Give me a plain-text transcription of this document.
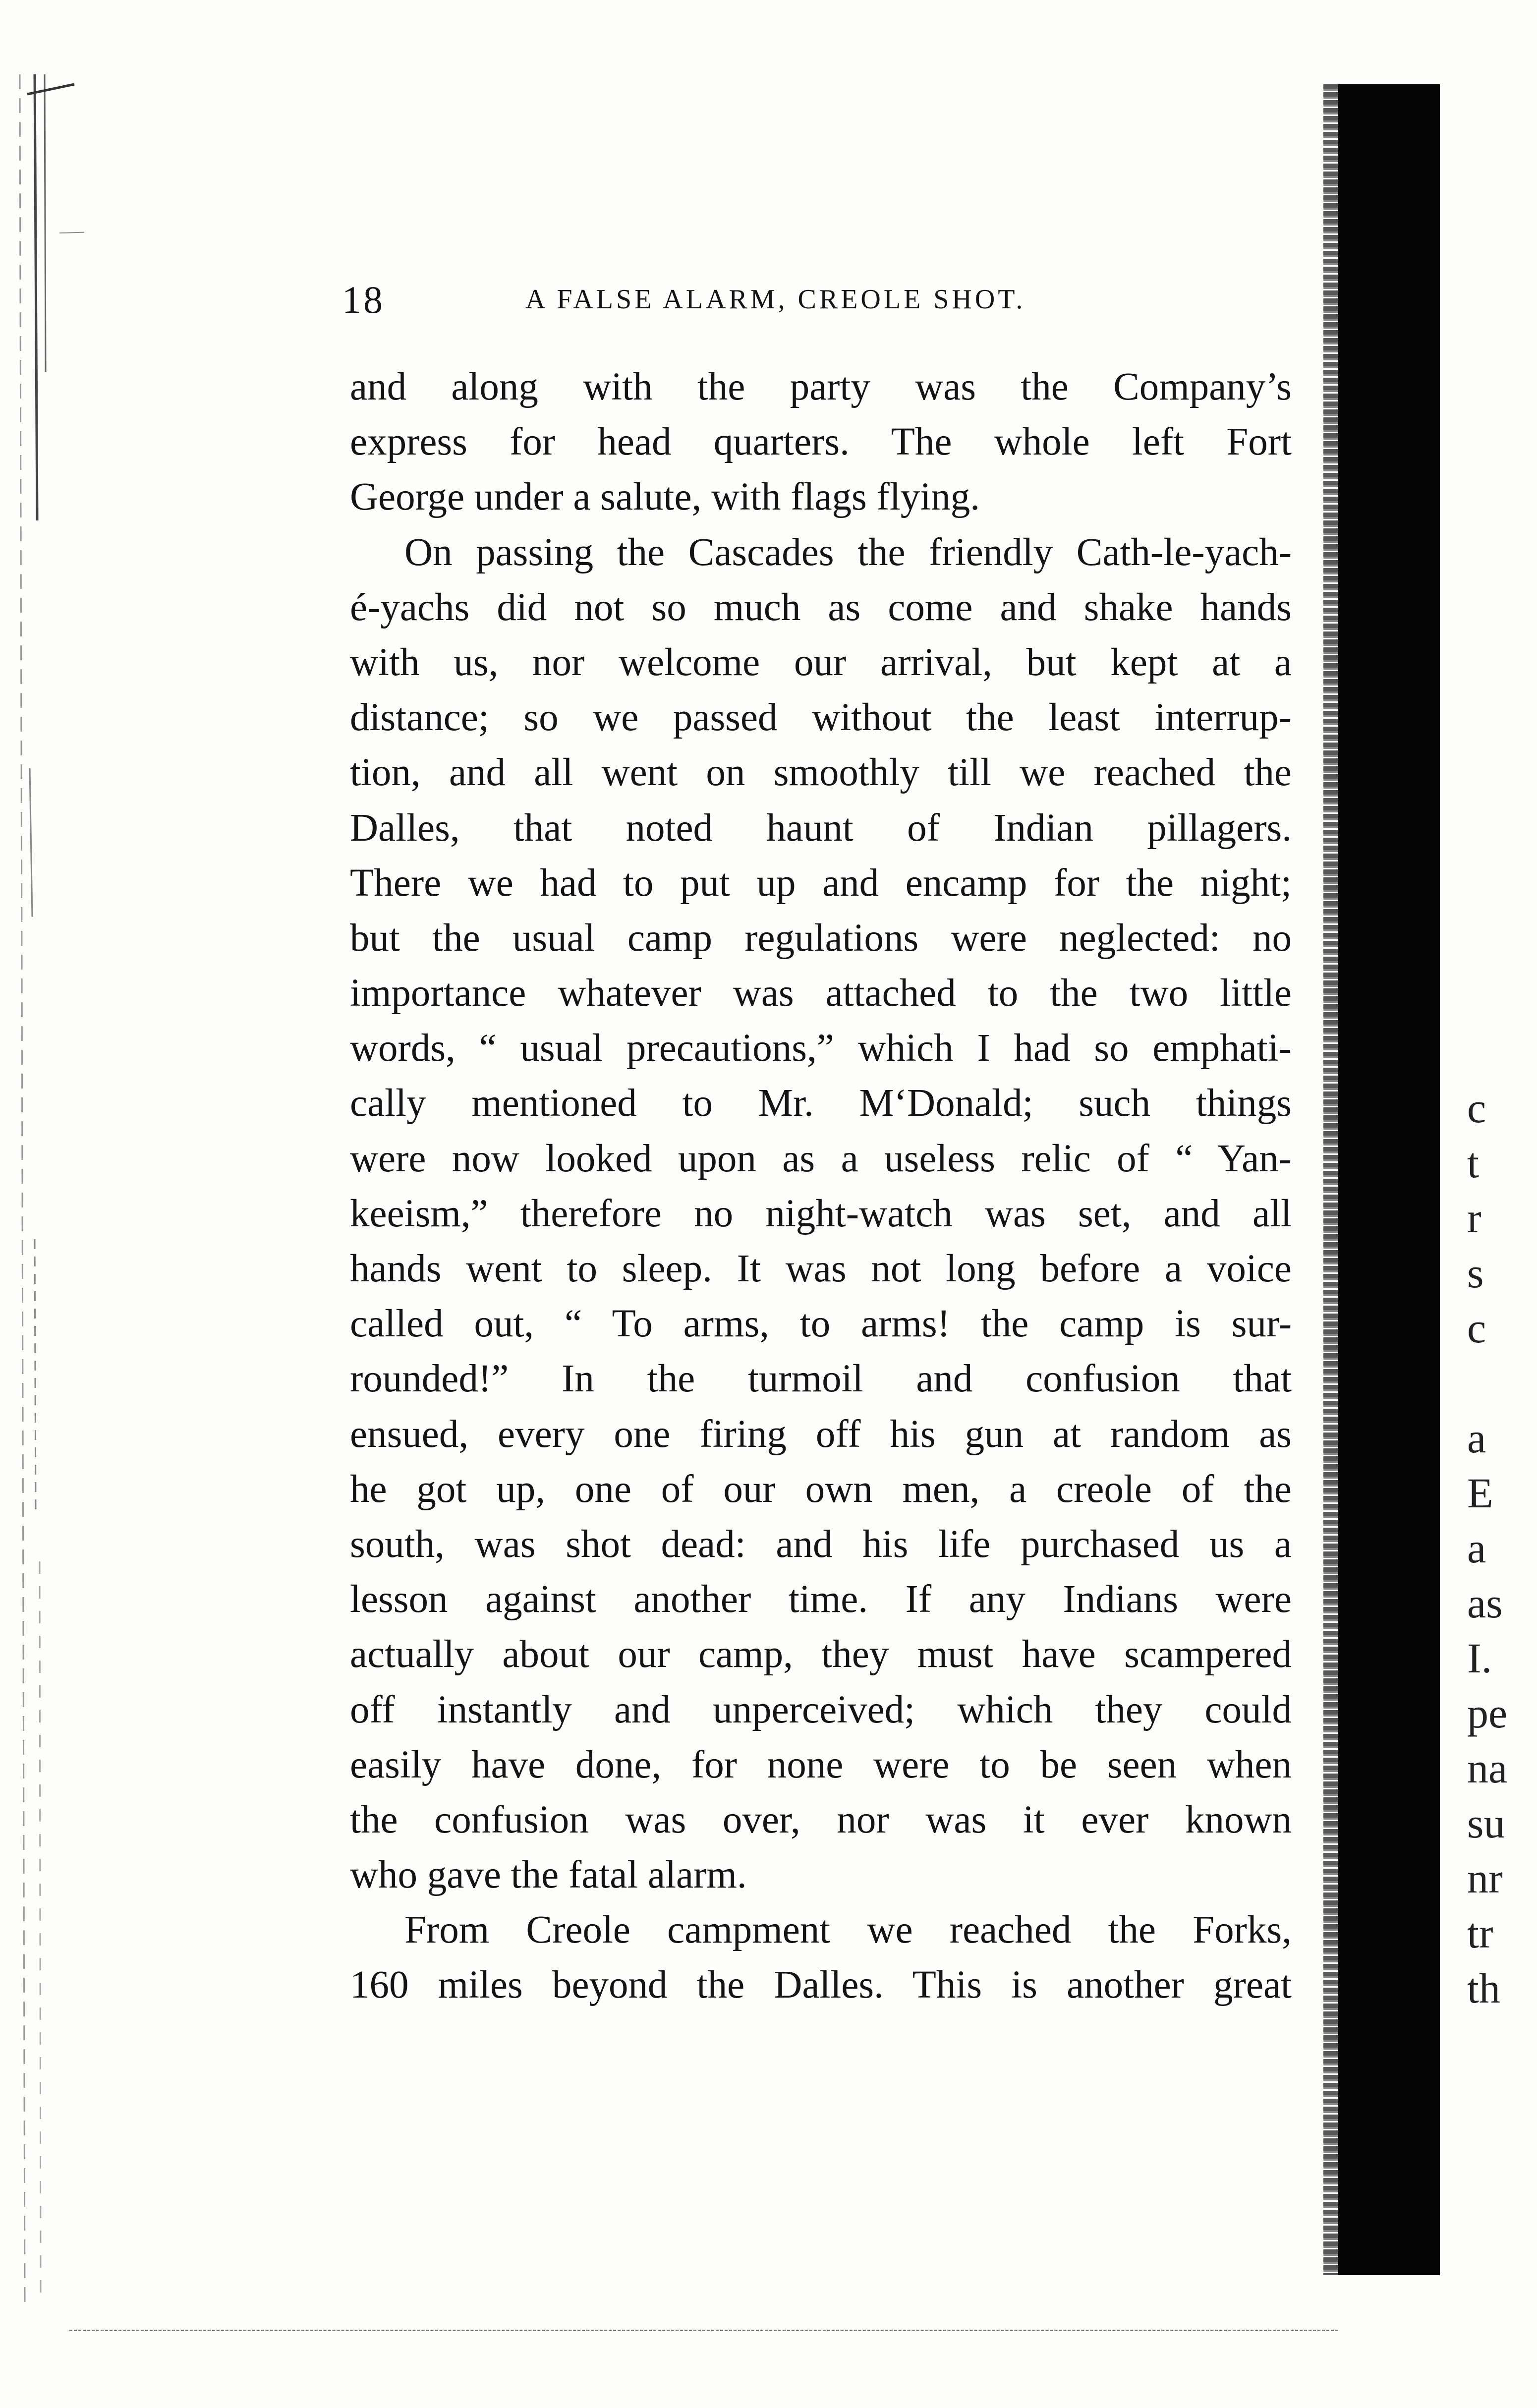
c
t
r
s
c
a
E
a
as
I.
pe
na
su
nr
tr
th
18	A FALSE ALARM, CREOLE SHOT.
and along with the party was the Company’s
express for head quarters. The whole left Fort
George under a salute, with flags flying.
On passing the Cascades the friendly Cath-le-yach-
é-yachs did not so much as come and shake hands
with us, nor welcome our arrival, but kept at a
distance; so we passed without the least interrup-
tion, and all went on smoothly till we reached the
Dalles, that noted haunt of Indian pillagers.
There we had to put up and encamp for the night;
but the usual camp regulations were neglected: no
importance whatever was attached to the two little
words, “ usual precautions,” which I had so emphati-
cally mentioned to Mr. M‘Donald; such things
were now looked upon as a useless relic of “ Yan-
keeism,” therefore no night-watch was set, and all
hands went to sleep. It was not long before a voice
called out, “ To arms, to arms! the camp is sur-
rounded!” In the turmoil and confusion that
ensued, every one firing off his gun at random as
he got up, one of our own men, a creole of the
south, was shot dead: and his life purchased us a
lesson against another time. If any Indians were
actually about our camp, they must have scampered
off instantly and unperceived; which they could
easily have done, for none were to be seen when
the confusion was over, nor was it ever known
who gave the fatal alarm.
From Creole campment we reached the Forks,
160 miles beyond the Dalles. This is another great
